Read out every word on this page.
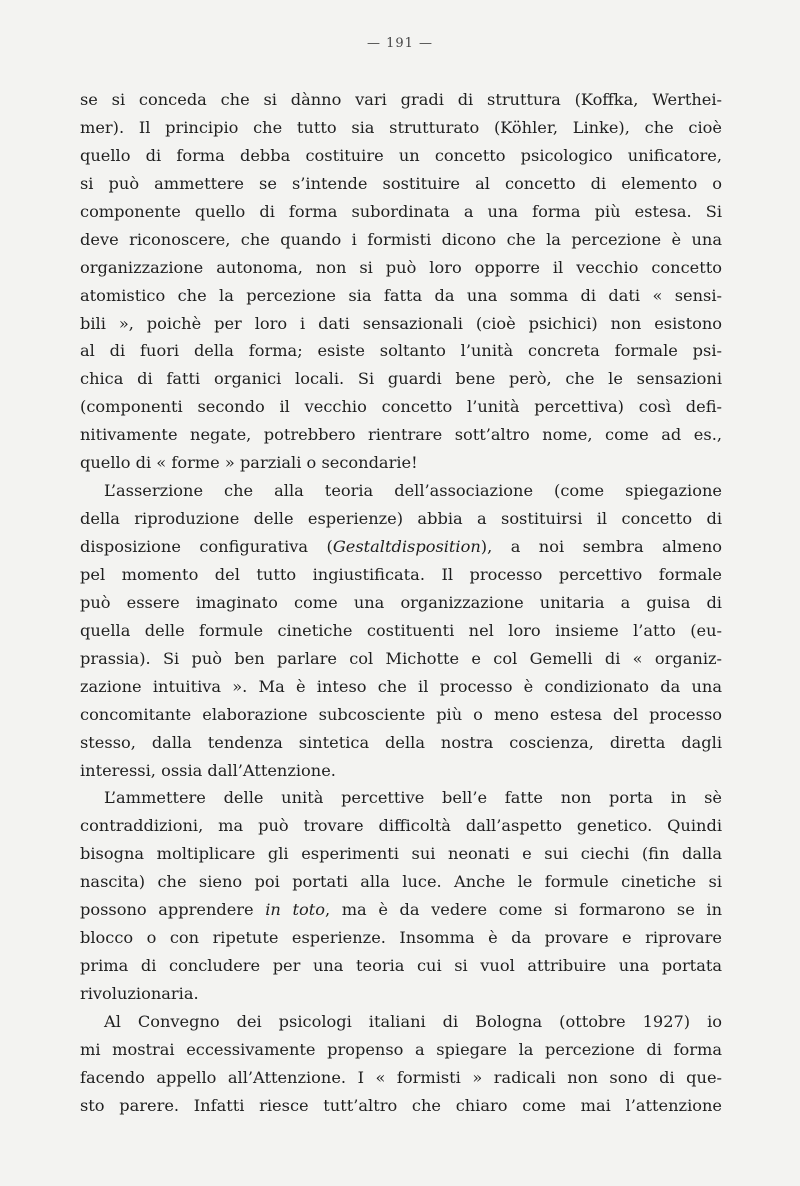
— 191 —
se si conceda che si dànno vari gradi di struttura (Koffka, Werthei-
mer). Il principio che tutto sia strutturato (Köhler, Linke), che cioè
quello di forma debba costituire un concetto psicologico unificatore,
si può ammettere se s’intende sostituire al concetto di elemento o
componente quello di forma subordinata a una forma più estesa. Si
deve riconoscere, che quando i formisti dicono che la percezione è una
organizzazione autonoma, non si può loro opporre il vecchio concetto
atomistico che la percezione sia fatta da una somma di dati « sensi-
bili », poichè per loro i dati sensazionali (cioè psichici) non esistono
al di fuori della forma; esiste soltanto l’unità concreta formale psi-
chica di fatti organici locali. Si guardi bene però, che le sensazioni
(componenti secondo il vecchio concetto l’unità percettiva) così defi-
nitivamente negate, potrebbero rientrare sott’altro nome, come ad es.,
quello di « forme » parziali o secondarie!
L’asserzione che alla teoria dell’associazione (come spiegazione
della riproduzione delle esperienze) abbia a sostituirsi il concetto di
disposizione configurativa (Gestaltdisposition), a noi sembra almeno
pel momento del tutto ingiustificata. Il processo percettivo formale
può essere imaginato come una organizzazione unitaria a guisa di
quella delle formule cinetiche costituenti nel loro insieme l’atto (eu-
prassia). Si può ben parlare col Michotte e col Gemelli di « organiz-
zazione intuitiva ». Ma è inteso che il processo è condizionato da una
concomitante elaborazione subcosciente più o meno estesa del processo
stesso, dalla tendenza sintetica della nostra coscienza, diretta dagli
interessi, ossia dall’Attenzione.
L’ammettere delle unità percettive bell’e fatte non porta in sè
contraddizioni, ma può trovare difficoltà dall’aspetto genetico. Quindi
bisogna moltiplicare gli esperimenti sui neonati e sui ciechi (fin dalla
nascita) che sieno poi portati alla luce. Anche le formule cinetiche si
possono apprendere in toto, ma è da vedere come si formarono se in
blocco o con ripetute esperienze. Insomma è da provare e riprovare
prima di concludere per una teoria cui si vuol attribuire una portata
rivoluzionaria.
Al Convegno dei psicologi italiani di Bologna (ottobre 1927) io
mi mostrai eccessivamente propenso a spiegare la percezione di forma
facendo appello all’Attenzione. I « formisti » radicali non sono di que-
sto parere. Infatti riesce tutt’altro che chiaro come mai l’attenzione
